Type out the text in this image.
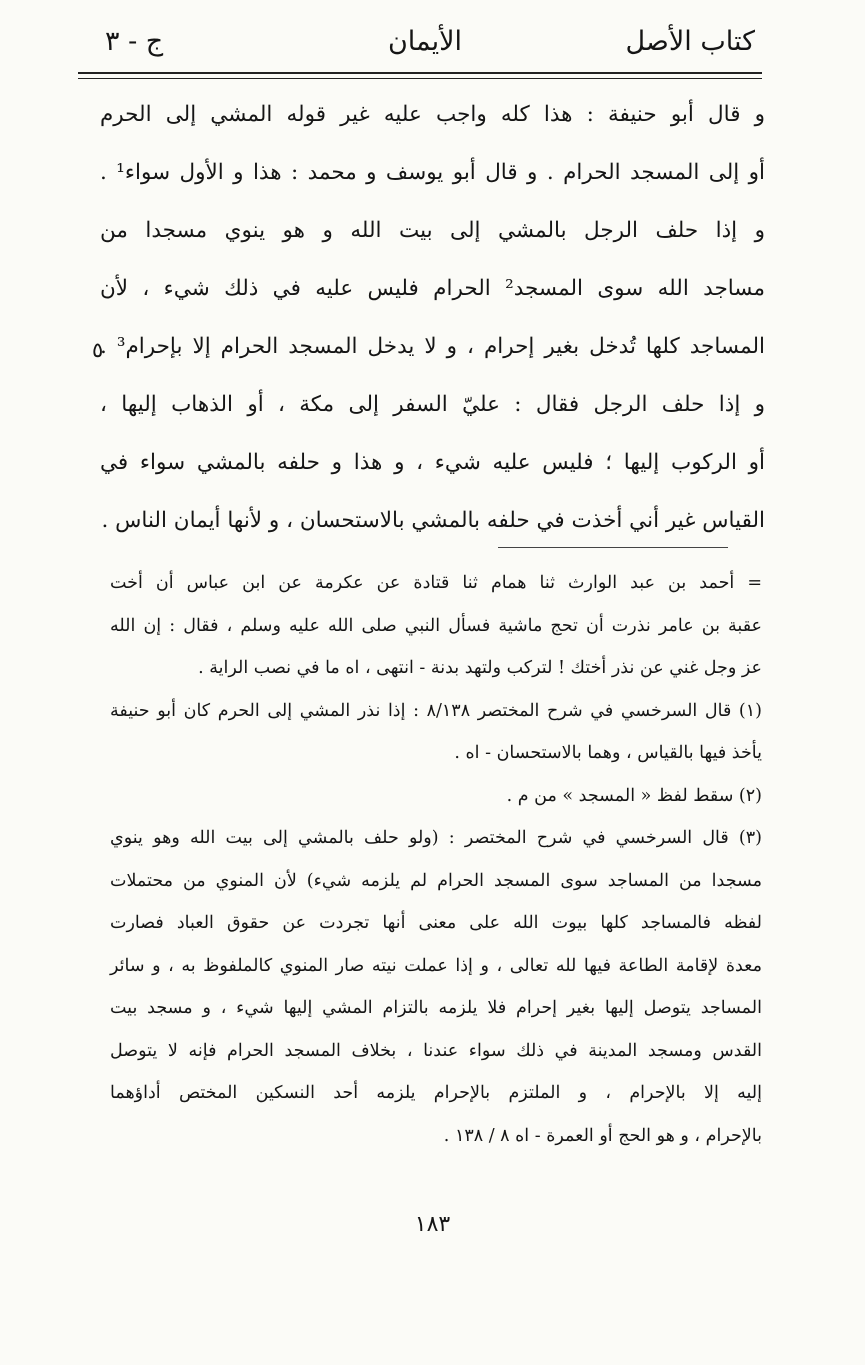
كتاب الأصل
الأيمان
ج - ٣
و قال أبو حنيفة : هذا كله واجب عليه غير قوله المشي إلى الحرم
أو إلى المسجد الحرام . و قال أبو يوسف و محمد : هذا و الأول سواء¹ .
و إذا حلف الرجل بالمشي إلى بيت الله و هو ينوي مسجدا من
مساجد الله سوى المسجد² الحرام فليس عليه في ذلك شيء ، لأن
المساجد كلها تُدخل بغير إحرام ، و لا يدخل المسجد الحرام إلا بإحرام³ .
و إذا حلف الرجل فقال : عليّ السفر إلى مكة ، أو الذهاب إليها ،
أو الركوب إليها ؛ فليس عليه شيء ، و هذا و حلفه بالمشي سواء في
القياس غير أني أخذت في حلفه بالمشي بالاستحسان ، و لأنها أيمان الناس .
٥
= أحمد بن عبد الوارث ثنا همام ثنا قتادة عن عكرمة عن ابن عباس أن أخت
عقبة بن عامر نذرت أن تحج ماشية فسأل النبي صلى الله عليه وسلم ، فقال : إن الله
عز وجل غني عن نذر أختك ! لتركب ولتهد بدنة - انتهى ، اه ما في نصب الراية .
(١) قال السرخسي في شرح المختصر ٨/١٣٨ : إذا نذر المشي إلى الحرم كان أبو حنيفة
يأخذ فيها بالقياس ، وهما بالاستحسان - اه .
(٢) سقط لفظ « المسجد » من م .
(٣) قال السرخسي في شرح المختصر : (ولو حلف بالمشي إلى بيت الله وهو ينوي
مسجدا من المساجد سوى المسجد الحرام لم يلزمه شيء) لأن المنوي من محتملات
لفظه فالمساجد كلها بيوت الله على معنى أنها تجردت عن حقوق العباد فصارت
معدة لإقامة الطاعة فيها لله تعالى ، و إذا عملت نيته صار المنوي كالملفوظ به ، و سائر
المساجد يتوصل إليها بغير إحرام فلا يلزمه بالتزام المشي إليها شيء ، و مسجد بيت
القدس ومسجد المدينة في ذلك سواء عندنا ، بخلاف المسجد الحرام فإنه لا يتوصل
إليه إلا بالإحرام ، و الملتزم بالإحرام يلزمه أحد النسكين المختص أداؤهما
بالإحرام ، و هو الحج أو العمرة - اه ٨ / ١٣٨ .
١٨٣
